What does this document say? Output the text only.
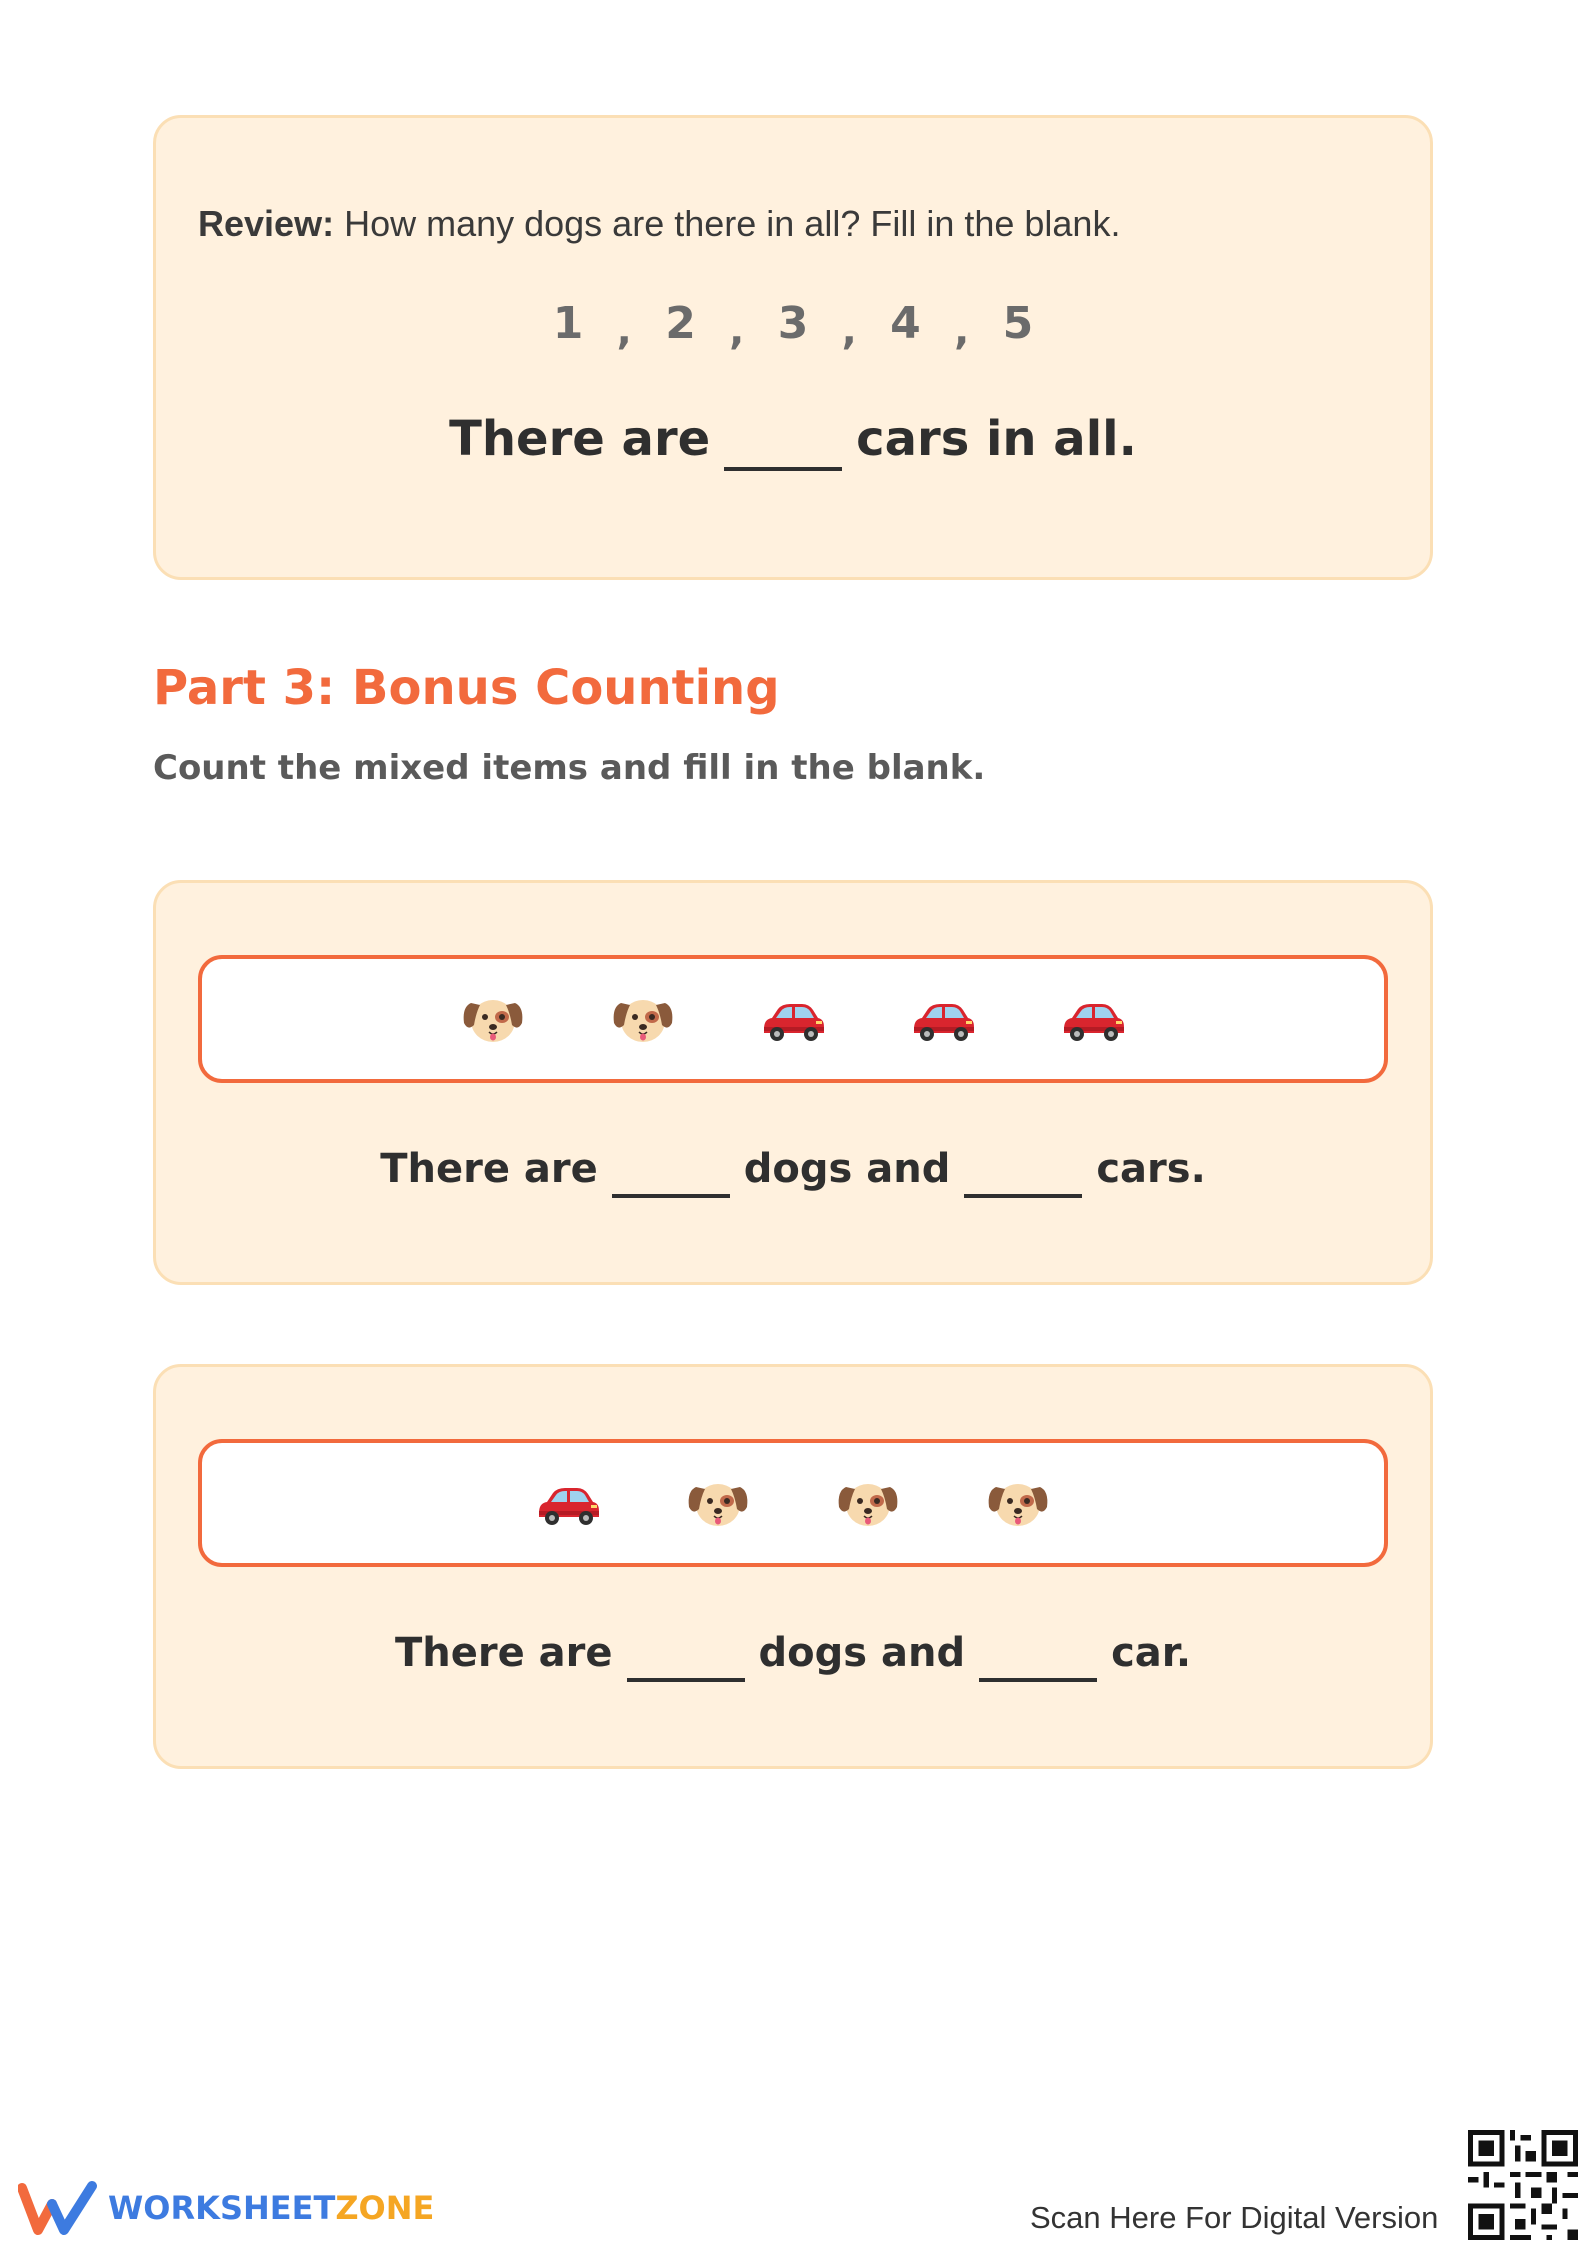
Review: How many dogs are there in all? Fill in the blank.
1 , 2 , 3 , 4 , 5
There are	cars in all.
Part 3: Bonus Counting
Count the mixed items and fill in the blank.
There are	dogs and	cars.
There are	dogs and	car.
WORKSHEETZONE	Scan Here For Digital Version
